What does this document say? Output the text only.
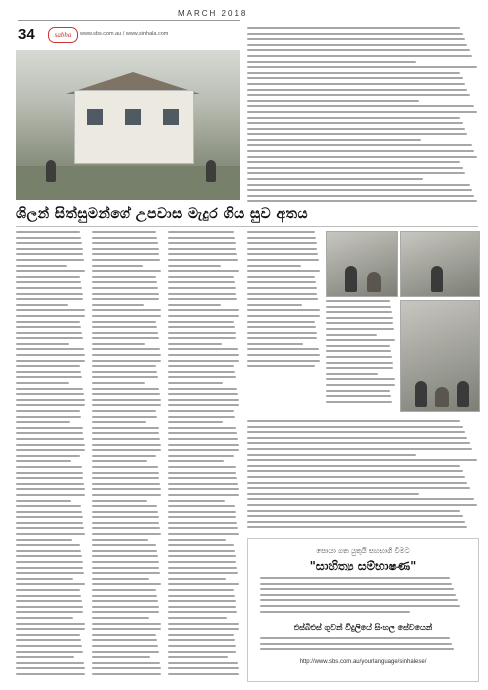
MARCH 2018
34	sabha	www.sbs.com.au / www.sinhala.com
ශිලන් සිත්සුමන්ගේ උපවාස මැදුර ගිය සුව අතය
සොයා ගත යුතුයි සහභාගි වීමට
"සාහිත්‍ය සම්භාෂණ"
එස්බීඑස් ගුවන් විදුලියේ සිංහල සේවයෙන්
http://www.sbs.com.au/yourlanguage/sinhalese/
